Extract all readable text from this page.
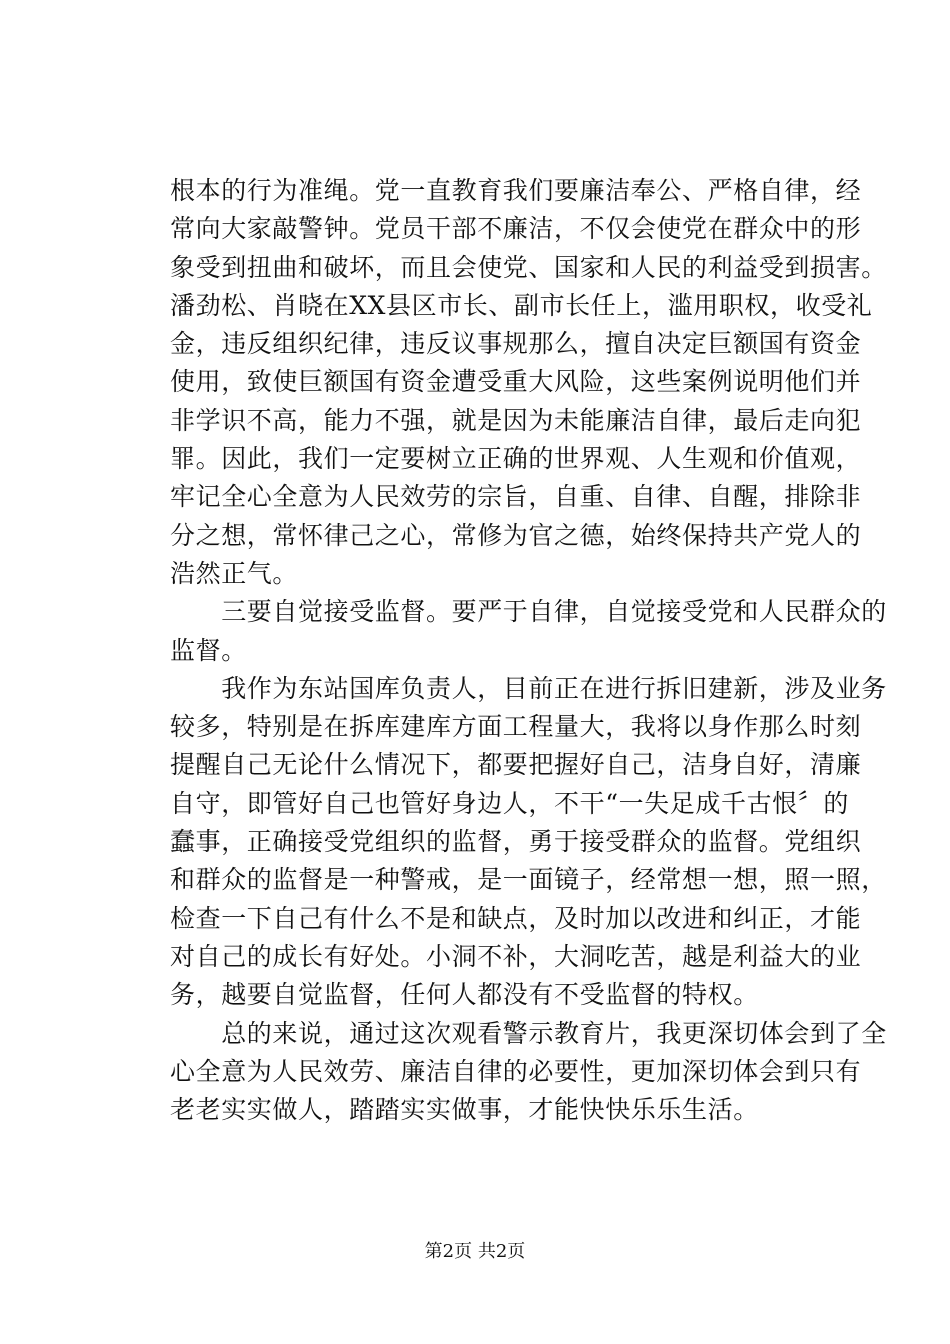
根本的行为准绳。党一直教育我们要廉洁奉公、严格自律，经
常向大家敲警钟。党员干部不廉洁，不仅会使党在群众中的形
象受到扭曲和破坏，而且会使党、国家和人民的利益受到损害。
潘劲松、肖晓在XX县区市长、副市长任上，滥用职权，收受礼
金，违反组织纪律，违反议事规那么，擅自决定巨额国有资金
使用，致使巨额国有资金遭受重大风险，这些案例说明他们并
非学识不高，能力不强，就是因为未能廉洁自律，最后走向犯
罪。因此，我们一定要树立正确的世界观、人生观和价值观，
牢记全心全意为人民效劳的宗旨，自重、自律、自醒，排除非
分之想，常怀律己之心，常修为官之德，始终保持共产党人的
浩然正气。
　　三要自觉接受监督。要严于自律，自觉接受党和人民群众的
监督。
　　我作为东站国库负责人，目前正在进行拆旧建新，涉及业务
较多，特别是在拆库建库方面工程量大，我将以身作那么时刻
提醒自己无论什么情况下，都要把握好自己，洁身自好，清廉
自守，即管好自己也管好身边人，不干“一失足成千古恨〞的
蠢事，正确接受党组织的监督，勇于接受群众的监督。党组织
和群众的监督是一种警戒，是一面镜子，经常想一想，照一照，
检查一下自己有什么不是和缺点，及时加以改进和纠正，才能
对自己的成长有好处。小洞不补，大洞吃苦，越是利益大的业
务，越要自觉监督，任何人都没有不受监督的特权。
　　总的来说，通过这次观看警示教育片，我更深切体会到了全
心全意为人民效劳、廉洁自律的必要性，更加深切体会到只有
老老实实做人，踏踏实实做事，才能快快乐乐生活。
第2页 共2页
